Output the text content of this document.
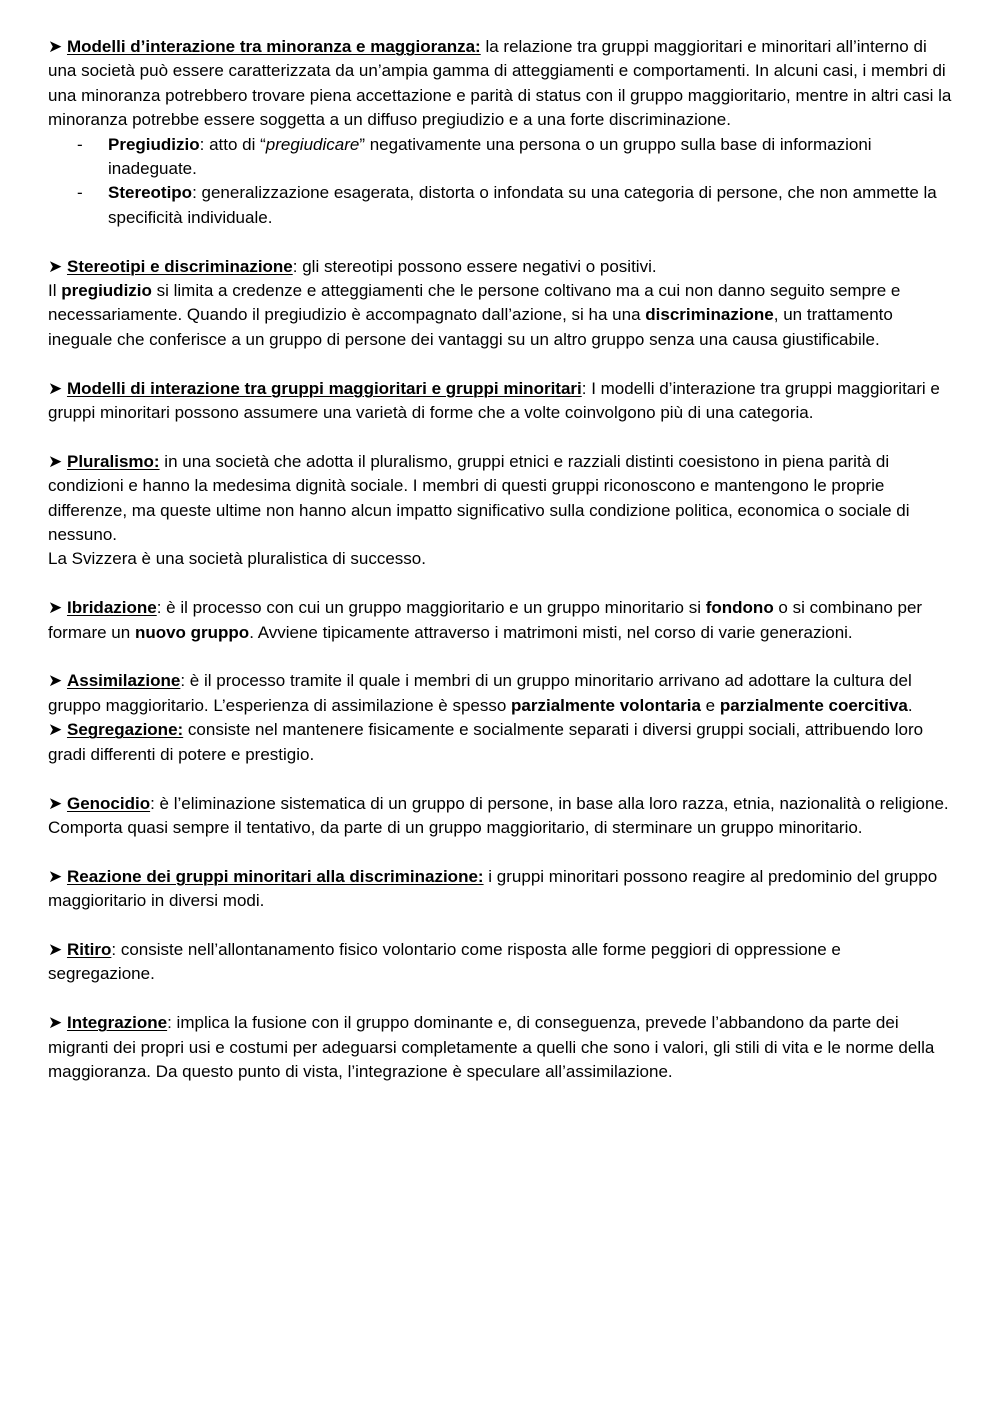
➤ Modelli d’interazione tra minoranza e maggioranza: la relazione tra gruppi maggioritari e minoritari all’interno di una società può essere caratterizzata da un’ampia gamma di atteggiamenti e comportamenti. In alcuni casi, i membri di una minoranza potrebbero trovare piena accettazione e parità di status con il gruppo maggioritario, mentre in altri casi la minoranza potrebbe essere soggetta a un diffuso pregiudizio e a una forte discriminazione.
- Pregiudizio: atto di “pregiudicare” negativamente una persona o un gruppo sulla base di informazioni inadeguate.
- Stereotipo: generalizzazione esagerata, distorta o infondata su una categoria di persone, che non ammette la specificità individuale.
➤ Stereotipi e discriminazione: gli stereotipi possono essere negativi o positivi.
Il pregiudizio si limita a credenze e atteggiamenti che le persone coltivano ma a cui non danno seguito sempre e necessariamente. Quando il pregiudizio è accompagnato dall’azione, si ha una discriminazione, un trattamento ineguale che conferisce a un gruppo di persone dei vantaggi su un altro gruppo senza una causa giustificabile.
➤ Modelli di interazione tra gruppi maggioritari e gruppi minoritari: I modelli d’interazione tra gruppi maggioritari e gruppi minoritari possono assumere una varietà di forme che a volte coinvolgono più di una categoria.
➤ Pluralismo: in una società che adotta il pluralismo, gruppi etnici e razziali distinti coesistono in piena parità di condizioni e hanno la medesima dignità sociale. I membri di questi gruppi riconoscono e mantengono le proprie differenze, ma queste ultime non hanno alcun impatto significativo sulla condizione politica, economica o sociale di nessuno.
La Svizzera è una società pluralistica di successo.
➤ Ibridazione: è il processo con cui un gruppo maggioritario e un gruppo minoritario si fondono o si combinano per formare un nuovo gruppo. Avviene tipicamente attraverso i matrimoni misti, nel corso di varie generazioni.
➤ Assimilazione: è il processo tramite il quale i membri di un gruppo minoritario arrivano ad adottare la cultura del gruppo maggioritario. L’esperienza di assimilazione è spesso parzialmente volontaria e parzialmente coercitiva.
➤ Segregazione: consiste nel mantenere fisicamente e socialmente separati i diversi gruppi sociali, attribuendo loro gradi differenti di potere e prestigio.
➤ Genocidio: è l’eliminazione sistematica di un gruppo di persone, in base alla loro razza, etnia, nazionalità o religione. Comporta quasi sempre il tentativo, da parte di un gruppo maggioritario, di sterminare un gruppo minoritario.
➤ Reazione dei gruppi minoritari alla discriminazione: i gruppi minoritari possono reagire al predominio del gruppo maggioritario in diversi modi.
➤ Ritiro: consiste nell’allontanamento fisico volontario come risposta alle forme peggiori di oppressione e segregazione.
➤ Integrazione: implica la fusione con il gruppo dominante e, di conseguenza, prevede l’abbandono da parte dei migranti dei propri usi e costumi per adeguarsi completamente a quelli che sono i valori, gli stili di vita e le norme della maggioranza. Da questo punto di vista, l’integrazione è speculare all’assimilazione.
